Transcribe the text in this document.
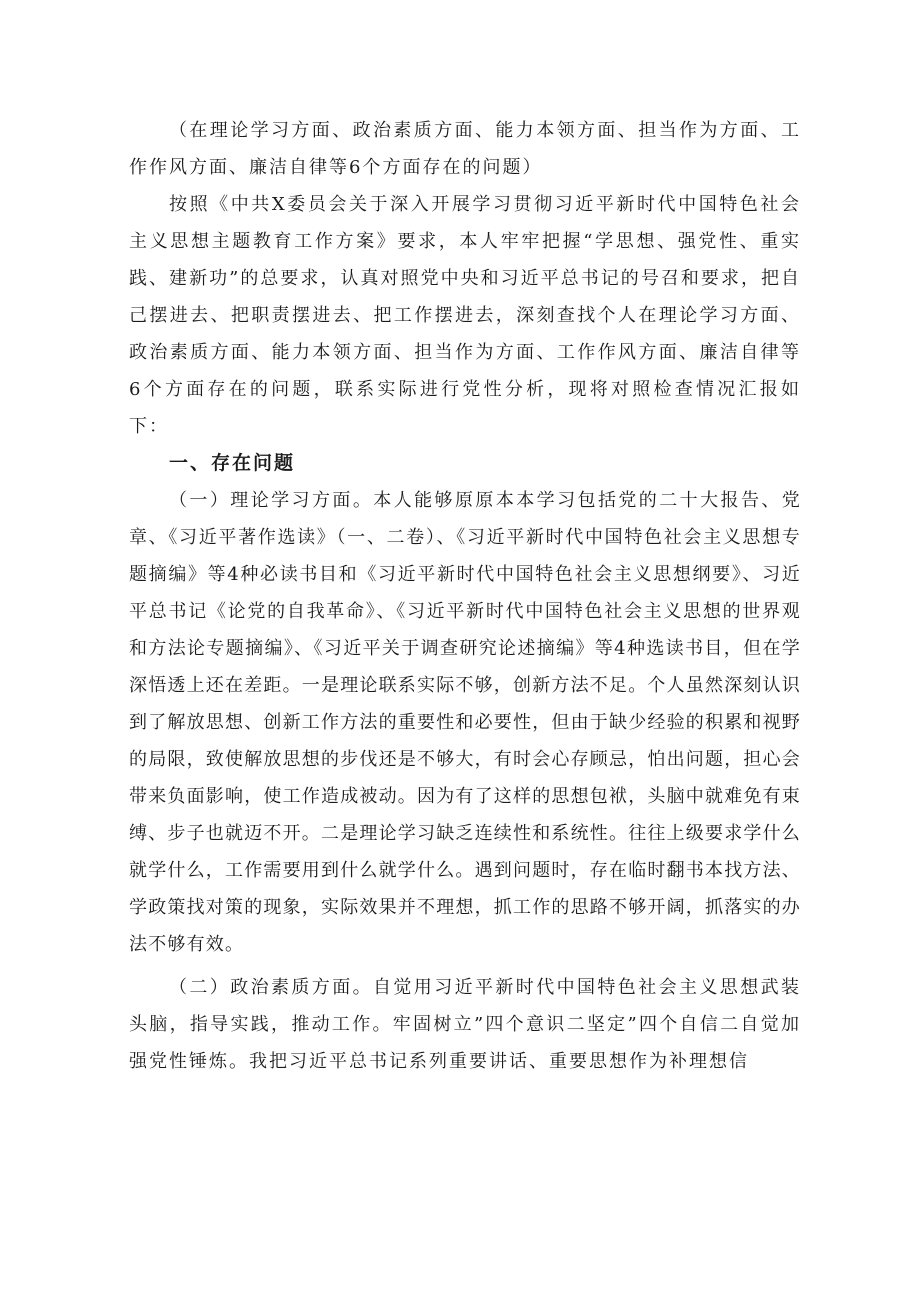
（在理论学习方面、政治素质方面、能力本领方面、担当作为方面、工作作风方面、廉洁自律等6个方面存在的问题）

按照《中共X委员会关于深入开展学习贯彻习近平新时代中国特色社会主义思想主题教育工作方案》要求，本人牢牢把握“学思想、强党性、重实践、建新功”的总要求，认真对照党中央和习近平总书记的号召和要求，把自己摆进去、把职责摆进去、把工作摆进去，深刻查找个人在理论学习方面、政治素质方面、能力本领方面、担当作为方面、工作作风方面、廉洁自律等6个方面存在的问题，联系实际进行党性分析，现将对照检查情况汇报如下：

一、存在问题

（一）理论学习方面。本人能够原原本本学习包括党的二十大报告、党章、《习近平著作选读》（一、二卷）、《习近平新时代中国特色社会主义思想专题摘编》等4种必读书目和《习近平新时代中国特色社会主义思想纲要》、习近平总书记《论党的自我革命》、《习近平新时代中国特色社会主义思想的世界观和方法论专题摘编》、《习近平关于调查研究论述摘编》等4种选读书目，但在学深悟透上还在差距。一是理论联系实际不够，创新方法不足。个人虽然深刻认识到了解放思想、创新工作方法的重要性和必要性，但由于缺少经验的积累和视野的局限，致使解放思想的步伐还是不够大，有时会心存顾忌，怕出问题，担心会带来负面影响，使工作造成被动。因为有了这样的思想包袱，头脑中就难免有束缚、步子也就迈不开。二是理论学习缺乏连续性和系统性。往往上级要求学什么就学什么，工作需要用到什么就学什么。遇到问题时，存在临时翻书本找方法、学政策找对策的现象，实际效果并不理想，抓工作的思路不够开阔，抓落实的办法不够有效。

（二）政治素质方面。自觉用习近平新时代中国特色社会主义思想武装头脑，指导实践，推动工作。牢固树立”四个意识二坚定”四个自信二自觉加强党性锤炼。我把习近平总书记系列重要讲话、重要思想作为补理想信
